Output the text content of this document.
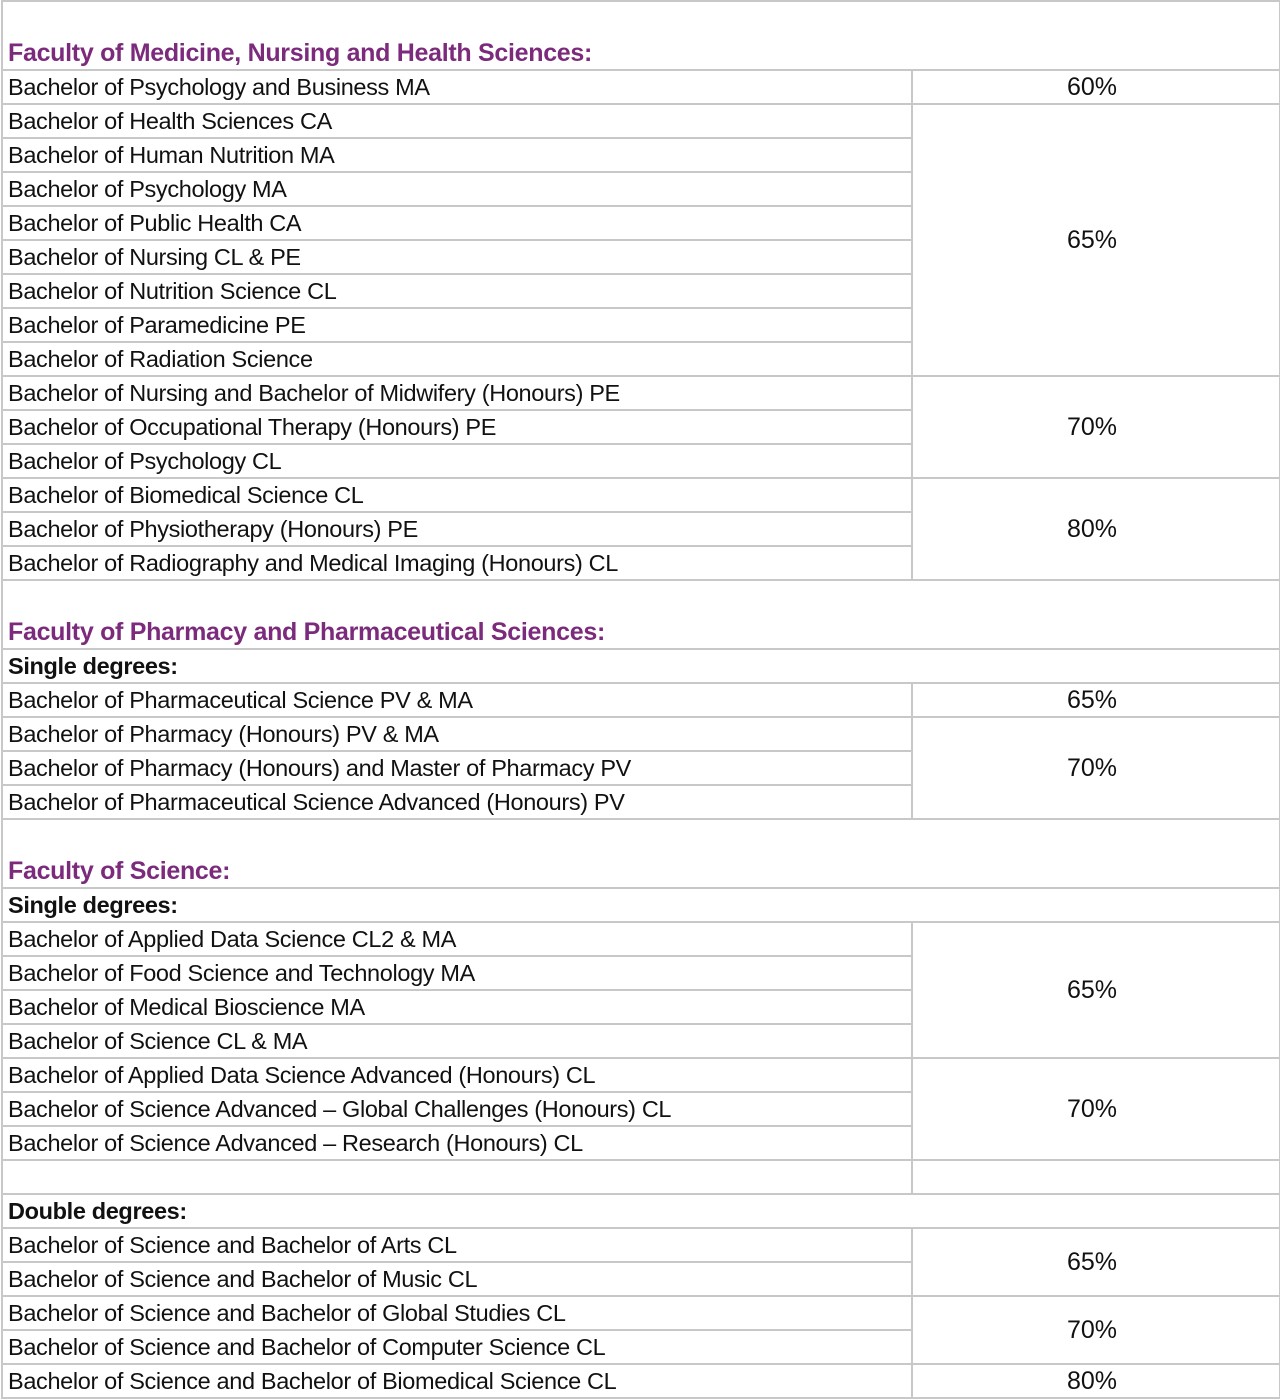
Faculty of Medicine, Nursing and Health Sciences:	
Bachelor of Psychology and Business MA	60%
Bachelor of Health Sciences CA	65%
Bachelor of Human Nutrition MA	
Bachelor of Psychology MA	
Bachelor of Public Health CA	
Bachelor of Nursing CL & PE	
Bachelor of Nutrition Science CL	
Bachelor of Paramedicine PE	
Bachelor of Radiation Science	
Bachelor of Nursing and Bachelor of Midwifery (Honours) PE	70%
Bachelor of Occupational Therapy (Honours) PE	
Bachelor of Psychology CL	
Bachelor of Biomedical Science CL	80%
Bachelor of Physiotherapy (Honours) PE	
Bachelor of Radiography and Medical Imaging (Honours) CL	
Faculty of Pharmacy and Pharmaceutical Sciences:	
Single degrees:	
Bachelor of Pharmaceutical Science PV & MA	65%
Bachelor of Pharmacy (Honours) PV & MA	70%
Bachelor of Pharmacy (Honours) and Master of Pharmacy PV	
Bachelor of Pharmaceutical Science Advanced (Honours) PV	
Faculty of Science:	
Single degrees:	
Bachelor of Applied Data Science CL2 & MA	65%
Bachelor of Food Science and Technology MA	
Bachelor of Medical Bioscience MA	
Bachelor of Science CL & MA	
Bachelor of Applied Data Science Advanced (Honours) CL	70%
Bachelor of Science Advanced – Global Challenges (Honours) CL	
Bachelor of Science Advanced – Research (Honours) CL	

Double degrees:	
Bachelor of Science and Bachelor of Arts CL	65%
Bachelor of Science and Bachelor of Music CL	
Bachelor of Science and Bachelor of Global Studies CL	70%
Bachelor of Science and Bachelor of Computer Science CL	
Bachelor of Science and Bachelor of Biomedical Science CL	80%
